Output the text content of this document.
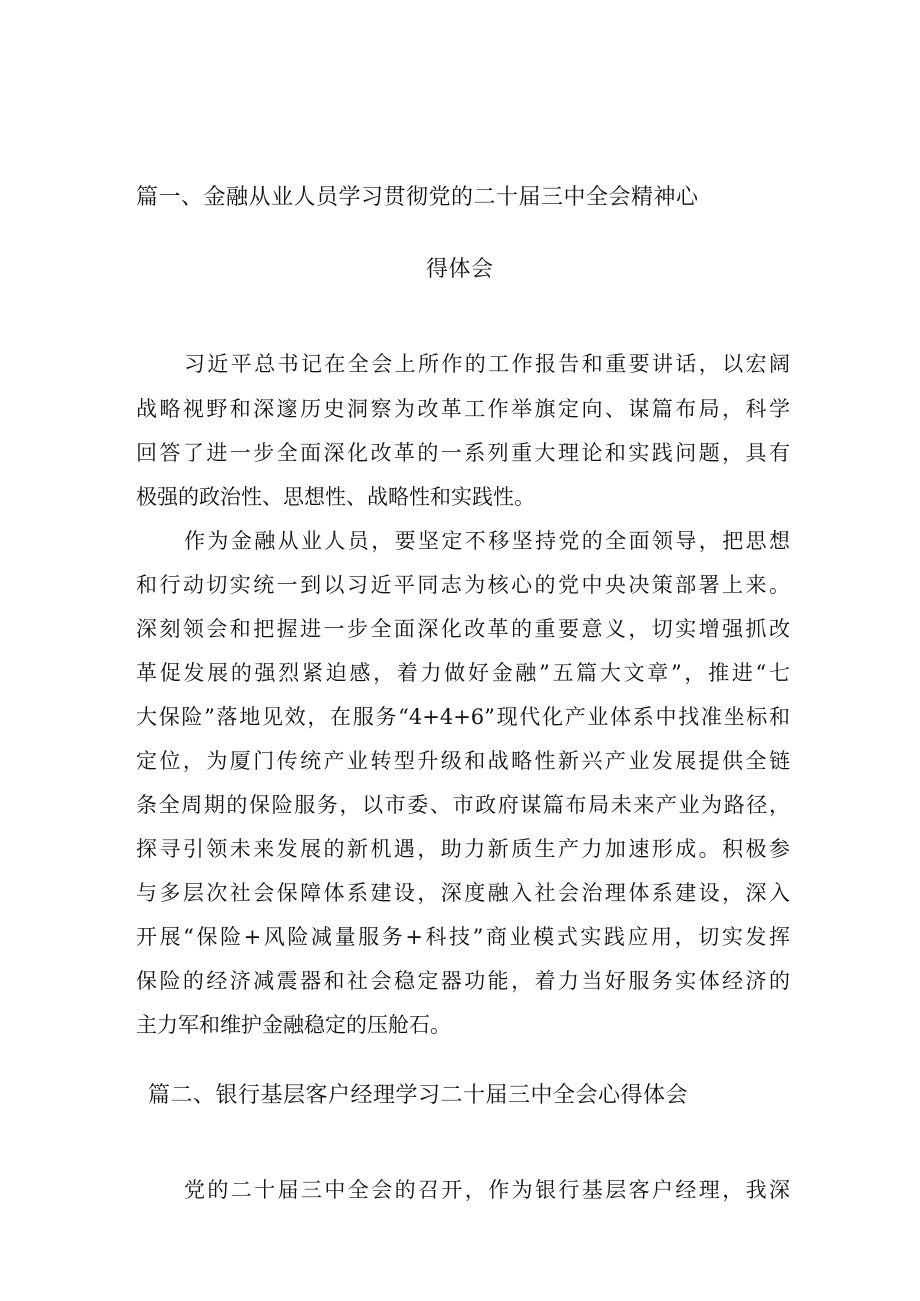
篇一、金融从业人员学习贯彻党的二十届三中全会精神心
得体会

习近平总书记在全会上所作的工作报告和重要讲话，以宏阔

战略视野和深邃历史洞察为改革工作举旗定向、谋篇布局，科学

回答了进一步全面深化改革的一系列重大理论和实践问题，具有

极强的政治性、思想性、战略性和实践性。

作为金融从业人员，要坚定不移坚持党的全面领导，把思想

和行动切实统一到以习近平同志为核心的党中央决策部署上来。

深刻领会和把握进一步全面深化改革的重要意义，切实增强抓改

革促发展的强烈紧迫感，着力做好金融”五篇大文章”，推进“七

大保险”落地见效，在服务“4+4+6”现代化产业体系中找准坐标和

定位，为厦门传统产业转型升级和战略性新兴产业发展提供全链

条全周期的保险服务，以市委、市政府谋篇布局未来产业为路径，

探寻引领未来发展的新机遇，助力新质生产力加速形成。积极参

与多层次社会保障体系建设，深度融入社会治理体系建设，深入

开展“保险+风险减量服务+科技”商业模式实践应用，切实发挥

保险的经济减震器和社会稳定器功能，着力当好服务实体经济的

主力军和维护金融稳定的压舱石。

篇二、银行基层客户经理学习二十届三中全会心得体会

党的二十届三中全会的召开，作为银行基层客户经理，我深
